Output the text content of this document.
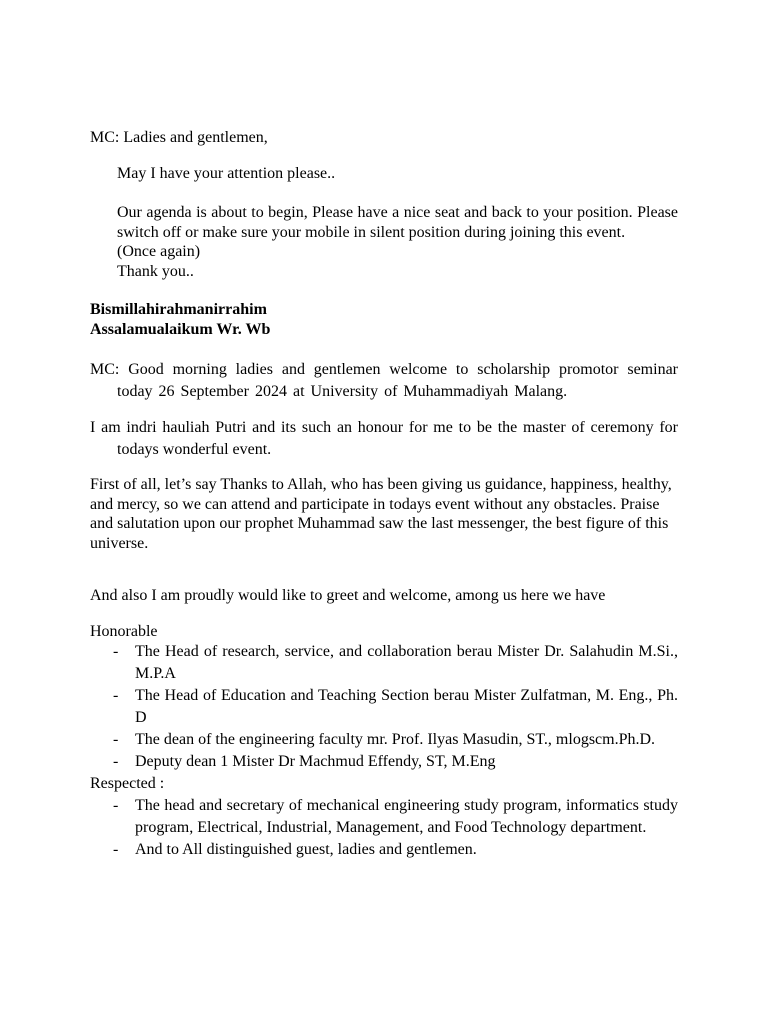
MC: Ladies and gentlemen,

May I have your attention please..

Our agenda is about to begin, Please have a nice seat and back to your position. Please switch off or make sure your mobile in silent position during joining this event.

(Once again)

Thank you..

Bismillahirahmanirrahim

Assalamualaikum Wr. Wb

MC: Good morning ladies and gentlemen welcome to scholarship promotor seminar today 26 September 2024 at University of Muhammadiyah Malang.

I am indri hauliah Putri and its such an honour for me to be the master of ceremony for todays wonderful event.

First of all, let’s say Thanks to Allah, who has been giving us guidance, happiness, healthy, and mercy, so we can attend and participate in todays event without any obstacles. Praise and salutation upon our prophet Muhammad saw the last messenger, the best figure of this universe.

And also I am proudly would like to greet and welcome, among us here we have

Honorable

- The Head of research, service, and collaboration berau Mister Dr. Salahudin M.Si., M.P.A
- The Head of Education and Teaching Section berau Mister Zulfatman, M. Eng., Ph. D
- The dean of the engineering faculty mr. Prof. Ilyas Masudin, ST., mlogscm.Ph.D.
- Deputy dean 1 Mister Dr Machmud Effendy, ST, M.Eng

Respected :

- The head and secretary of mechanical engineering study program, informatics study program, Electrical, Industrial, Management, and Food Technology department.
- And to All distinguished guest, ladies and gentlemen.
